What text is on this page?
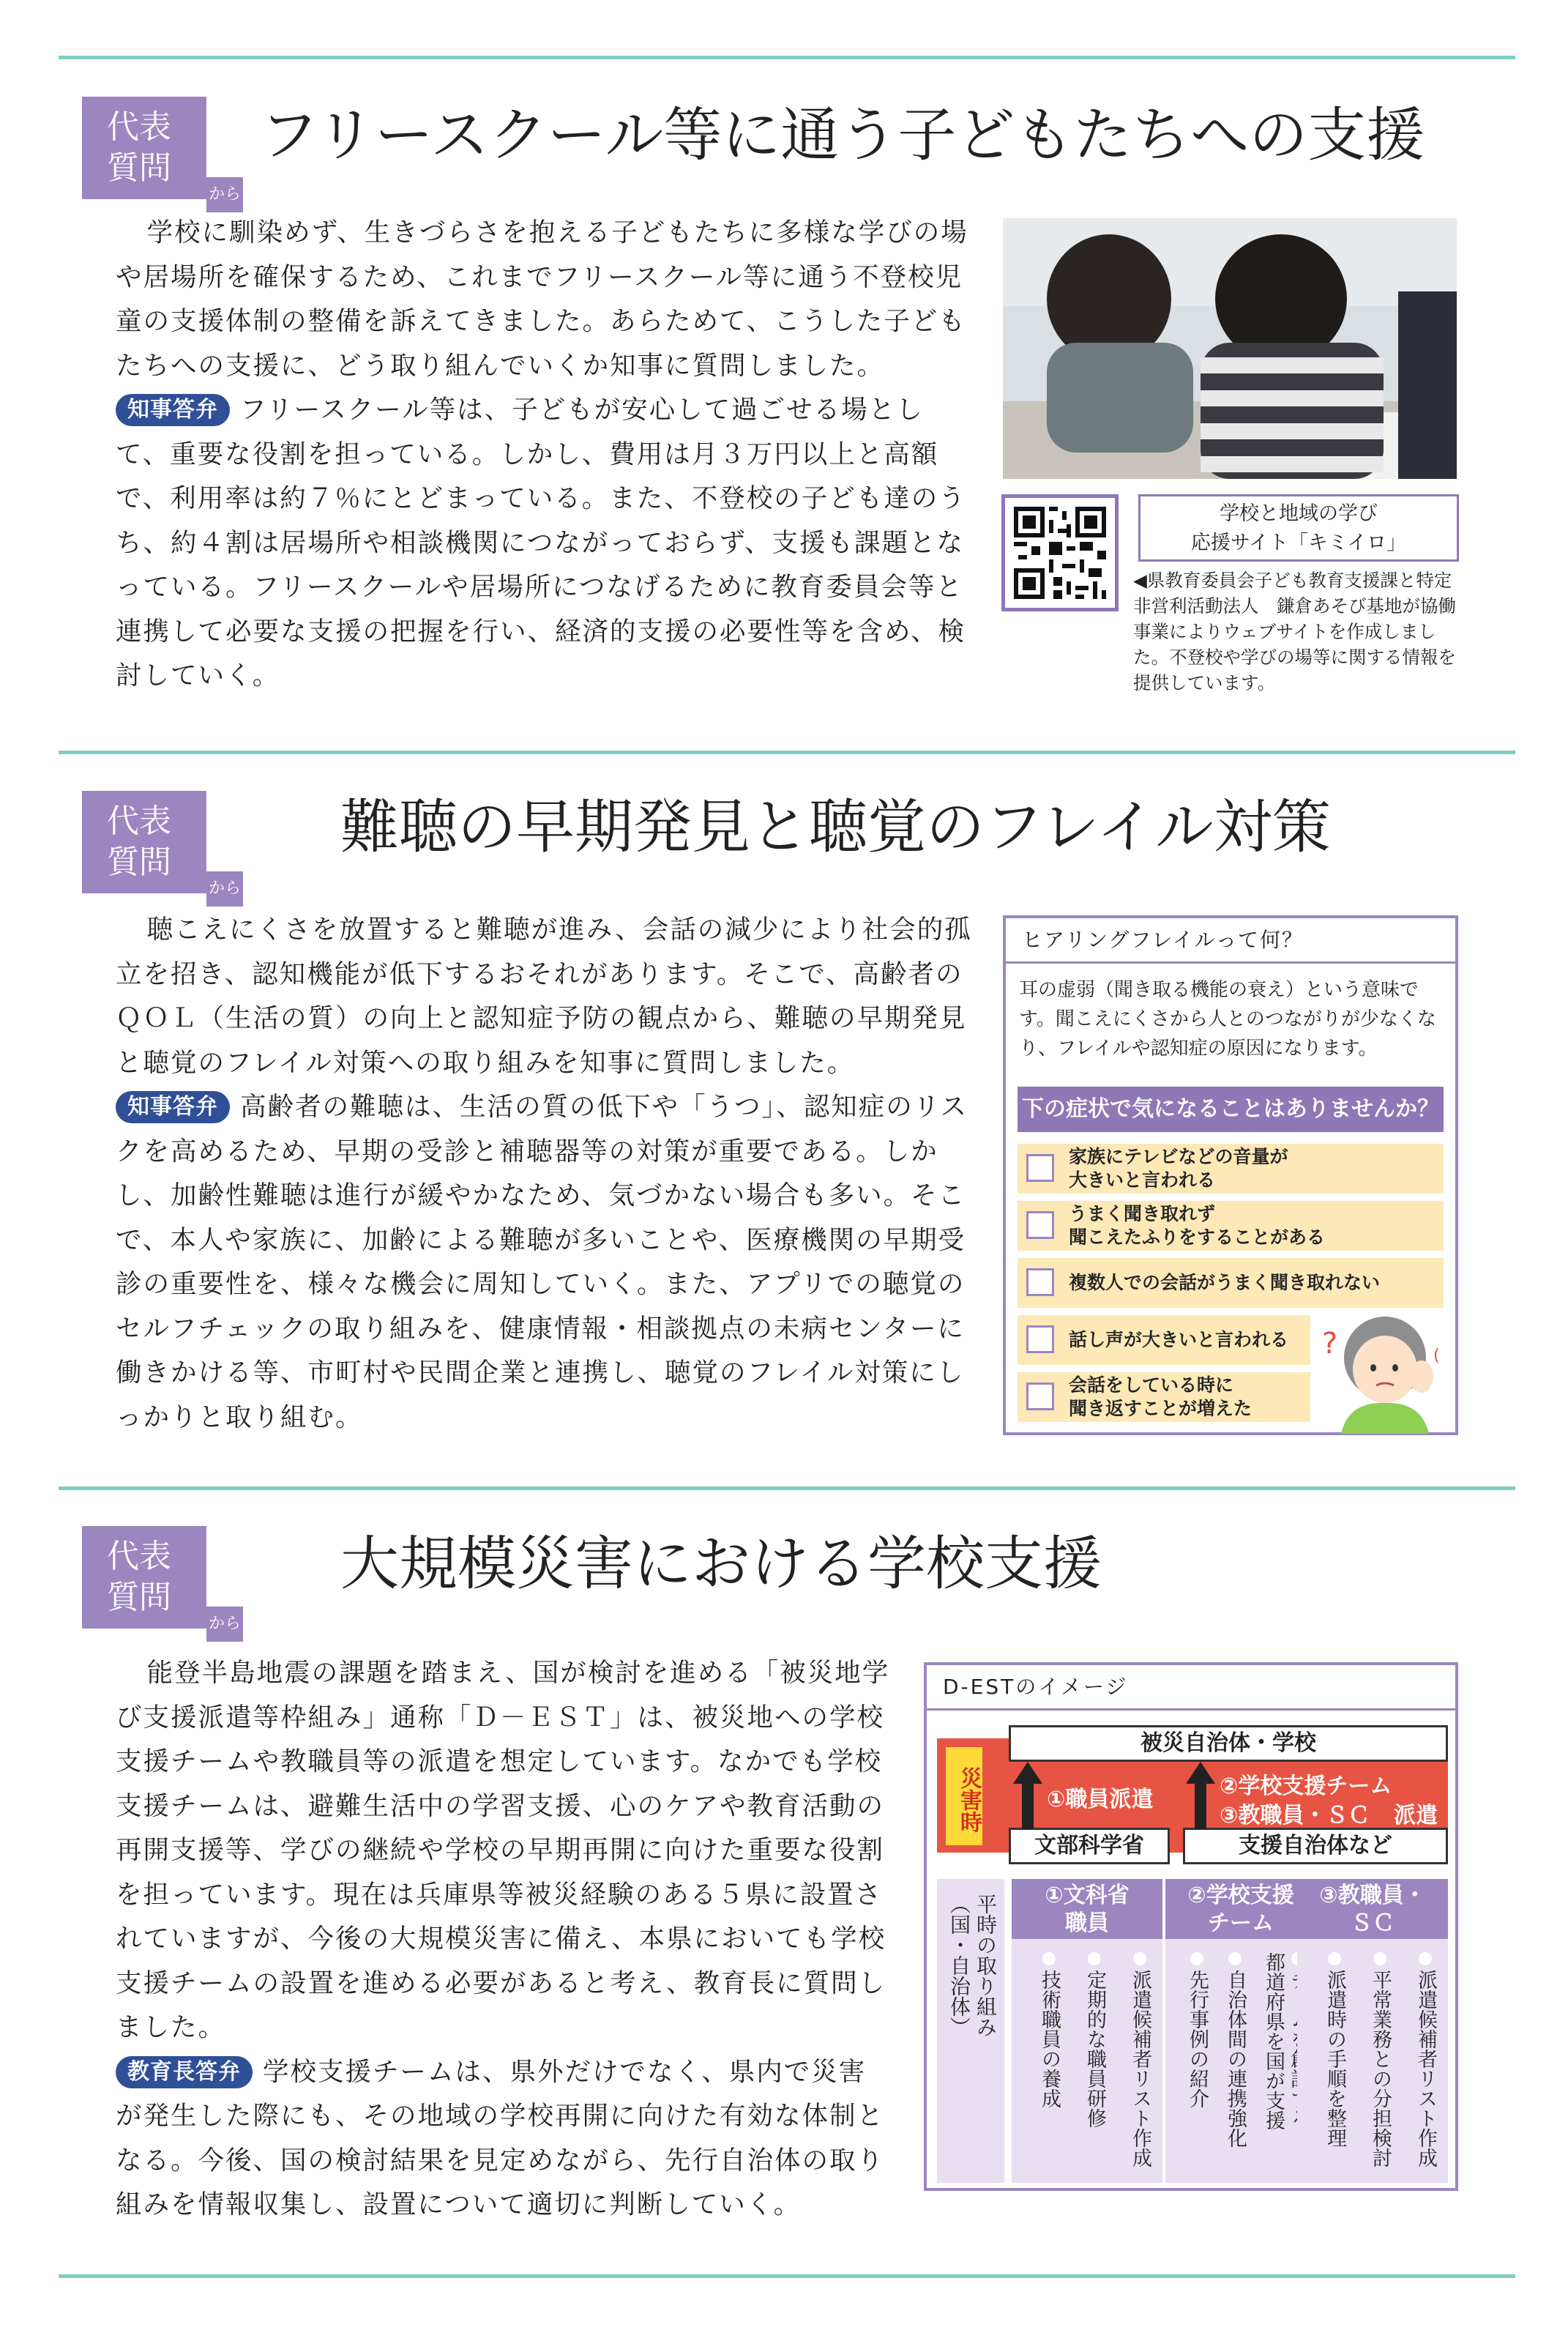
代表
質問
から
フリースクール等に通う子どもたちへの支援

学校に馴染めず、生きづらさを抱える子どもたちに多様な学びの場や居場所を確保するため、これまでフリースクール等に通う不登校児童の支援体制の整備を訴えてきました。あらためて、こうした子どもたちへの支援に、どう取り組んでいくか知事に質問しました。

知事答弁 フリースクール等は、子どもが安心して過ごせる場として、重要な役割を担っている。しかし、費用は月３万円以上と高額で、利用率は約７％にとどまっている。また、不登校の子ども達のうち、約４割は居場所や相談機関につながっておらず、支援も課題となっている。フリースクールや居場所につなげるために教育委員会等と連携して必要な支援の把握を行い、経済的支援の必要性等を含め、検討していく。

学校と地域の学び
応援サイト「キミイロ」
◀県教育委員会子ども教育支援課と特定非営利活動法人　鎌倉あそび基地が協働事業によりウェブサイトを作成しました。不登校や学びの場等に関する情報を提供しています。
代表
質問
から
難聴の早期発見と聴覚のフレイル対策

聴こえにくさを放置すると難聴が進み、会話の減少により社会的孤立を招き、認知機能が低下するおそれがあります。そこで、高齢者のＱＯＬ（生活の質）の向上と認知症予防の観点から、難聴の早期発見と聴覚のフレイル対策への取り組みを知事に質問しました。

知事答弁 高齢者の難聴は、生活の質の低下や「うつ」、認知症のリスクを高めるため、早期の受診と補聴器等の対策が重要である。しかし、加齢性難聴は進行が緩やかなため、気づかない場合も多い。そこで、本人や家族に、加齢による難聴が多いことや、医療機関の早期受診の重要性を、様々な機会に周知していく。また、アプリでの聴覚のセルフチェックの取り組みを、健康情報・相談拠点の未病センターに働きかける等、市町村や民間企業と連携し、聴覚のフレイル対策にしっかりと取り組む。

ヒアリングフレイルって何？
耳の虚弱（聞き取る機能の衰え）という意味です。聞こえにくさから人とのつながりが少なくなり、フレイルや認知症の原因になります。
下の症状で気になることはありませんか？
家族にテレビなどの音量が
大きいと言われる
うまく聞き取れず
聞こえたふりをすることがある
複数人での会話がうまく聞き取れない
話し声が大きいと言われる
会話をしている時に
聞き返すことが増えた
?	(
代表
質問
から
大規模災害における学校支援

能登半島地震の課題を踏まえ、国が検討を進める「被災地学び支援派遣等枠組み」通称「Ｄ－ＥＳＴ」は、被災地への学校支援チームや教職員等の派遣を想定しています。なかでも学校支援チームは、避難生活中の学習支援、心のケアや教育活動の再開支援等、学びの継続や学校の早期再開に向けた重要な役割を担っています。現在は兵庫県等被災経験のある５県に設置されていますが、今後の大規模災害に備え、本県においても学校支援チームの設置を進める必要があると考え、教育長に質問しました。

教育長答弁 学校支援チームは、県外だけでなく、県内で災害が発生した際にも、その地域の学校再開に向けた有効な体制となる。今後、国の検討結果を見定めながら、先行自治体の取り組みを情報収集し、設置について適切に判断していく。

D-ESTのイメージ
災害時
被災自治体・学校
文部科学省	支援自治体など
①職員派遣
②学校支援チーム
③教職員・ＳＣ 派遣
平時の取り組み
（国・自治体）	①文科省
職員
派遣候補者リスト作成
定期的な職員研修
技術職員の養成
②学校支援
チーム

都道府県を国が支援
自治体間の連携強化
先行事例の紹介
③教職員・
ＳＣ
派遣候補者リスト作成
平常業務との分担検討
派遣時の手順を整理
